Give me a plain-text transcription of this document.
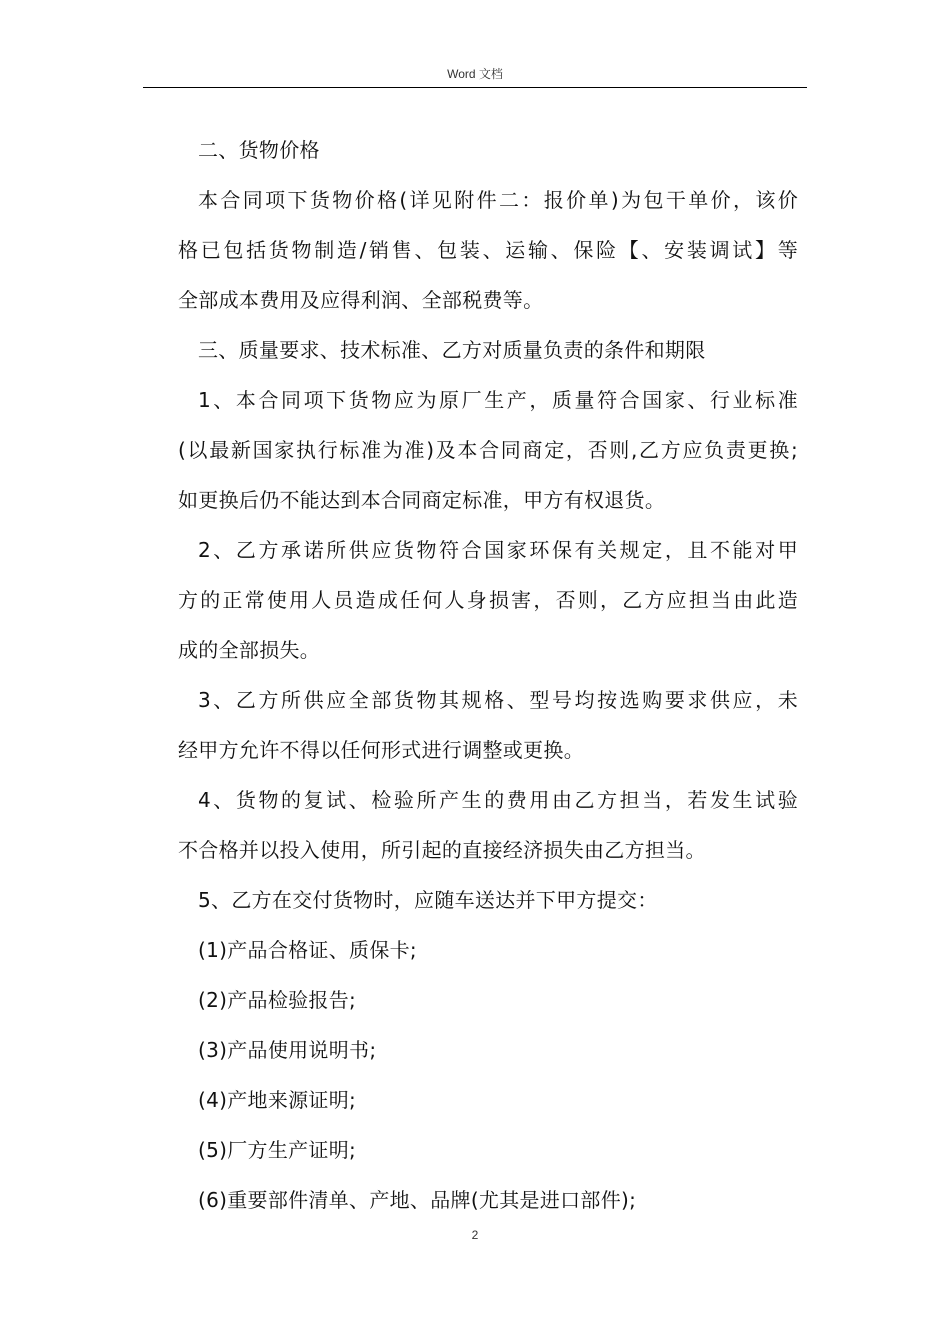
Word 文档
二、货物价格
本合同项下货物价格(详见附件二：报价单)为包干单价，该价
格已包括货物制造/销售、包装、运输、保险【、安装调试】等
全部成本费用及应得利润、全部税费等。
三、质量要求、技术标准、乙方对质量负责的条件和期限
1、本合同项下货物应为原厂生产，质量符合国家、行业标准
(以最新国家执行标准为准)及本合同商定，否则,乙方应负责更换;
如更换后仍不能达到本合同商定标准，甲方有权退货。
2、乙方承诺所供应货物符合国家环保有关规定，且不能对甲
方的正常使用人员造成任何人身损害，否则，乙方应担当由此造
成的全部损失。
3、乙方所供应全部货物其规格、型号均按选购要求供应，未
经甲方允许不得以任何形式进行调整或更换。
4、货物的复试、检验所产生的费用由乙方担当，若发生试验
不合格并以投入使用，所引起的直接经济损失由乙方担当。
5、乙方在交付货物时，应随车送达并下甲方提交：
(1)产品合格证、质保卡;
(2)产品检验报告;
(3)产品使用说明书;
(4)产地来源证明;
(5)厂方生产证明;
(6)重要部件清单、产地、品牌(尤其是进口部件);
2
